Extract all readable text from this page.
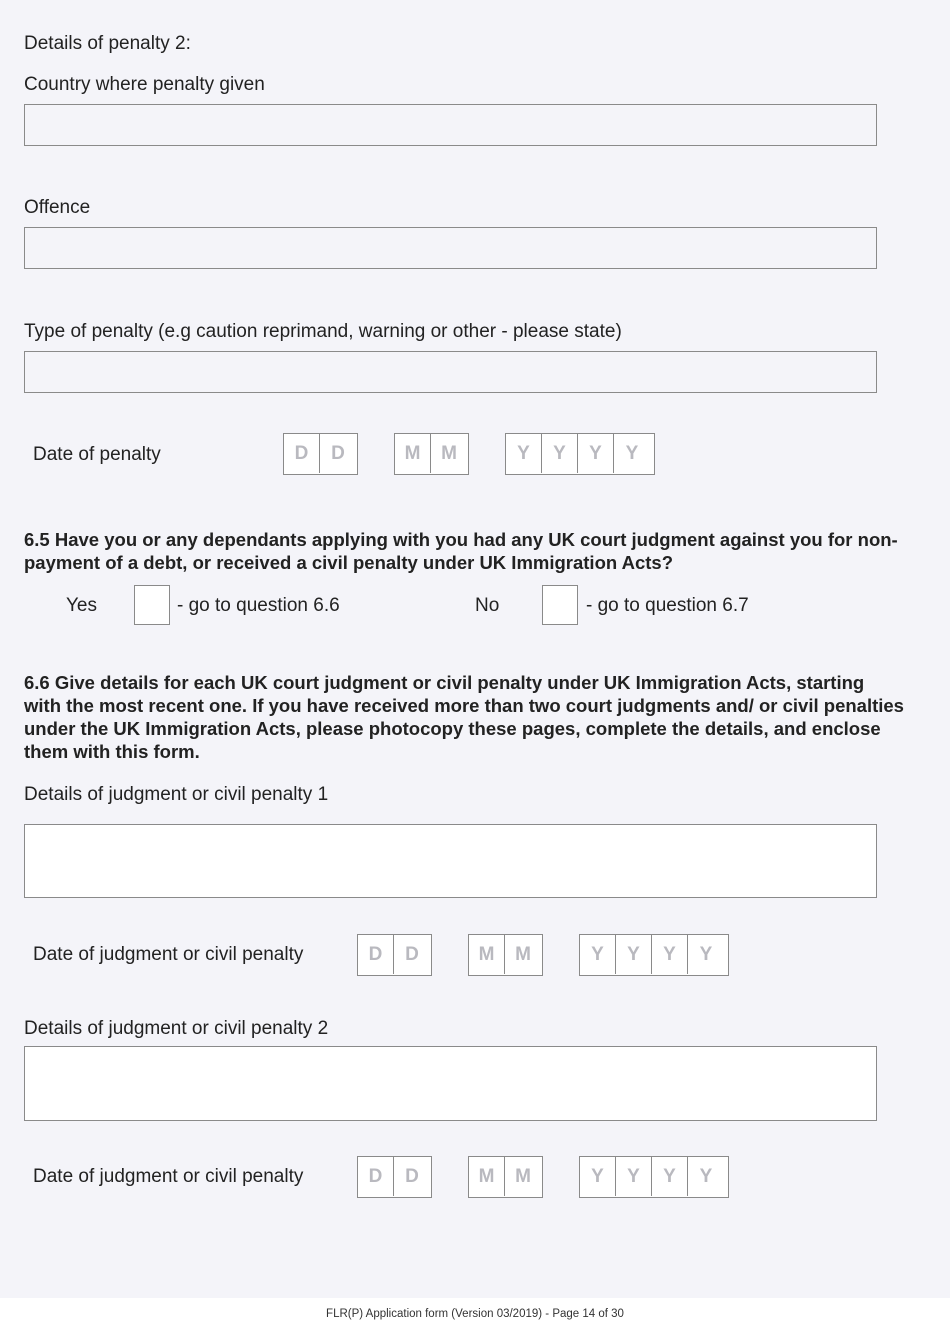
Details of penalty 2:
Country where penalty given
Offence
Type of penalty (e.g caution reprimand, warning or other - please state)
Date of penalty	D	D	M	M	Y	Y	Y	Y
6.5 Have you or any dependants applying with you had any UK court judgment against you for non-payment of a debt, or received a civil penalty under UK Immigration Acts?
Yes	- go to question 6.6	No	- go to question 6.7
6.6 Give details for each UK court judgment or civil penalty under UK Immigration Acts, starting with the most recent one. If you have received more than two court judgments and/ or civil penalties under the UK Immigration Acts, please photocopy these pages, complete the details, and enclose them with this form.
Details of judgment or civil penalty 1
Date of judgment or civil penalty	D	D	M	M	Y	Y	Y	Y
Details of judgment or civil penalty 2
Date of judgment or civil penalty	D	D	M	M	Y	Y	Y	Y
FLR(P) Application form (Version 03/2019) - Page 14 of 30
